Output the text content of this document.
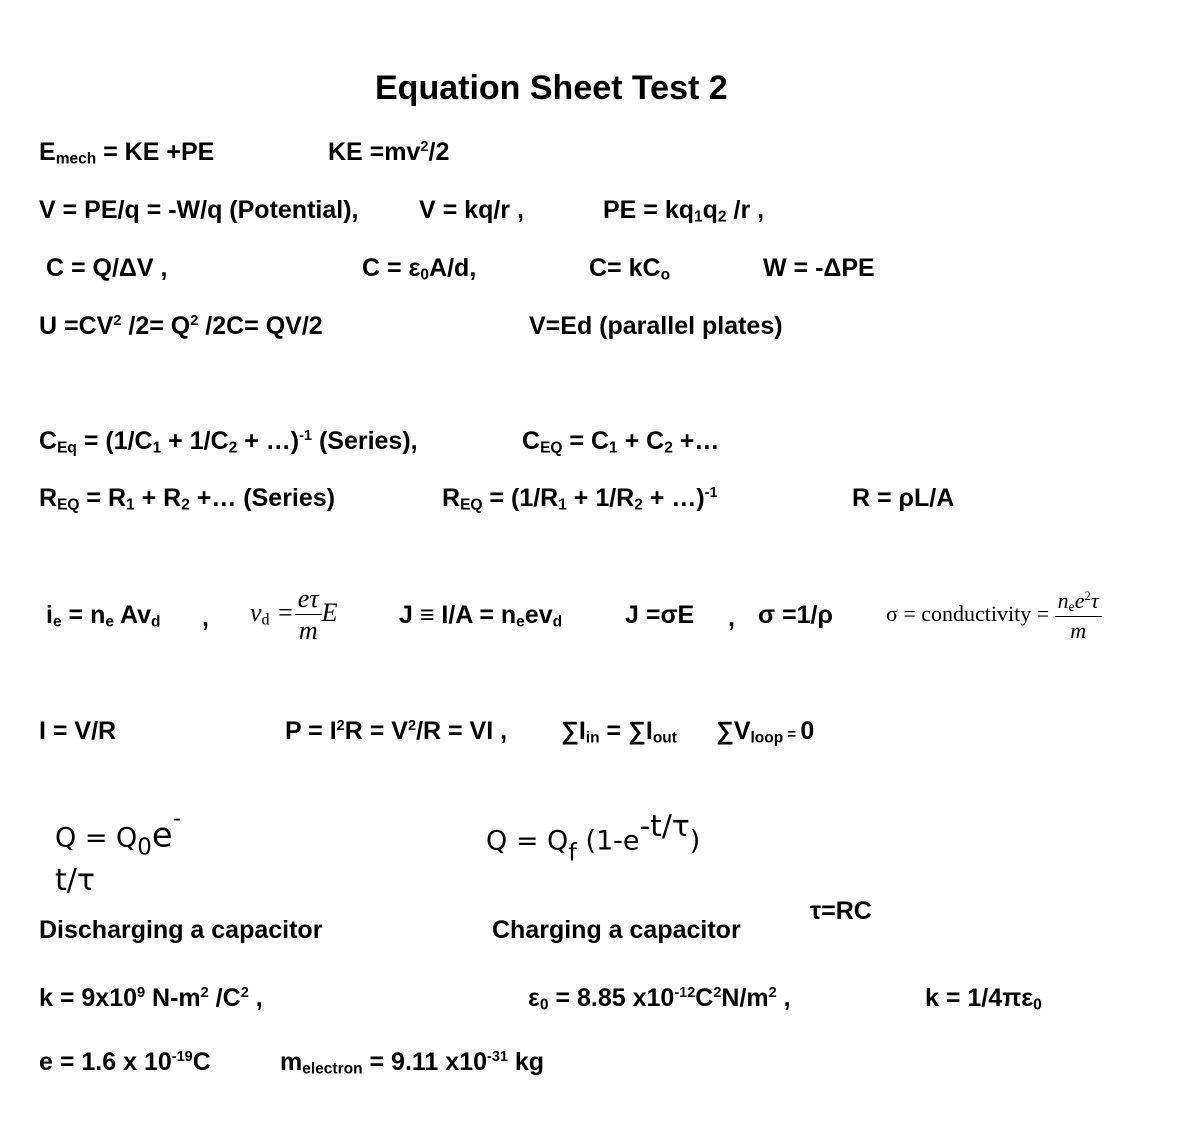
Equation Sheet Test 2
$E_{mech}$ = KE +PE	KE $=mv^2/2$
V = PE/q = -W/q (Potential), V = kq/r ,	PE = $kq_1q_2$ /r ,
C = Q/ΔV ,	$C = \varepsilon_0A/d$,	$C= kC_o$	W = -ΔPE
$U =CV^2$ $/2= Q^2$ /2C= QV/2	V=Ed (parallel plates)
$C_{Eq} = (1/C_1 + 1/C_2$ + …)$^{-1}$ (Series),	$C_{EQ} = C_1 + C_2$ +…
$R_{EQ} = R_1 + R_2$ +… (Series)	$R_{EQ} = (1/R_1 + 1/R_2$ + …)$^{-1}$	R = ρL/A
$i_e = n_e$ $Av_d$ , $v_d = \frac{e\tau}{m}$ E $J \equiv I/A = n_eev_d$	J =σE , σ =1/ρ σ = conductivity = $\frac{n_ee^2\tau}{m}$
I = V/R	$P = I^2R = V^2/R$ = VI , $\sum I_{in} = \sum I_{out}$ $\sum V_{loop} = 0$
$Q = Q_0e^-$
t/τ
Q = Qf (1-e-t/τ)
τ=RC
Discharging a capacitor	Charging a capacitor
$k = 9x10^9$ $N-m^2$ $/C^2$ ,	$\varepsilon_0 = 8.85$ $x10^{-12}C^2N/m^2$ ,	$k = 1/4\pi\varepsilon_0$
e = 1.6 x $10^{-19}C$	$m_{electron} = 9.11$ $x10^{-31}$ kg
